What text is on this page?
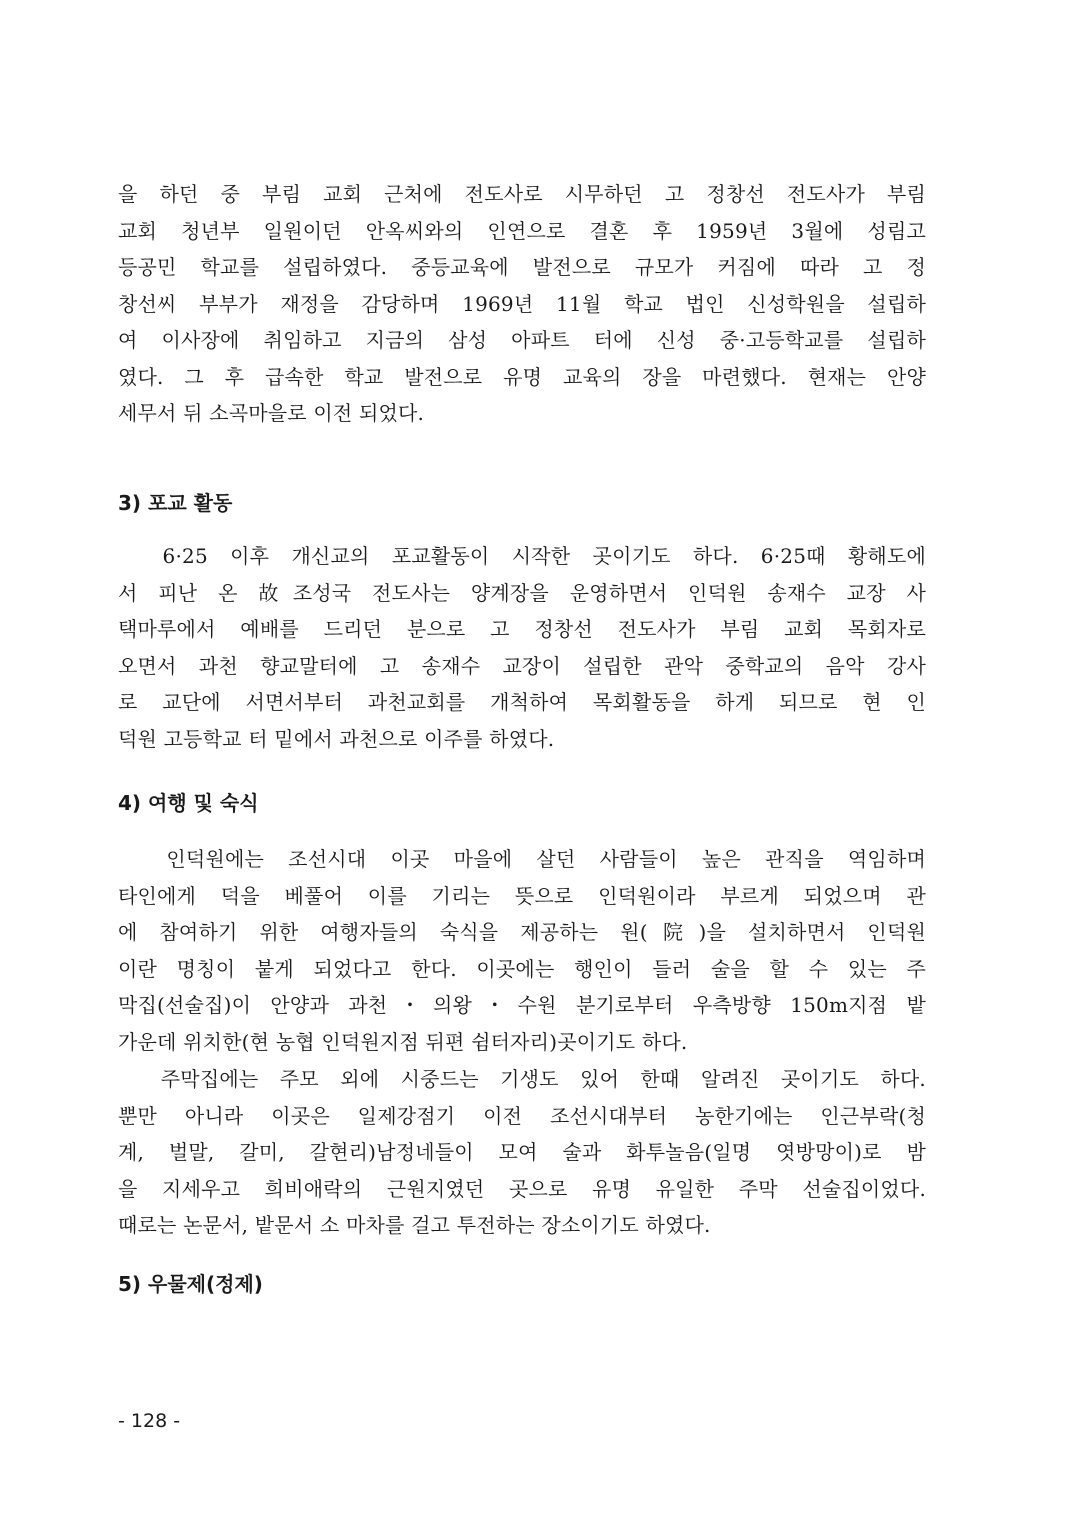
을 하던 중 부림 교회 근처에 전도사로 시무하던 고 정창선 전도사가 부림
교회 청년부 일원이던 안옥씨와의 인연으로 결혼 후 1959년 3월에 성림고
등공민 학교를 설립하였다. 중등교육에 발전으로 규모가 커짐에 따라 고 정
창선씨 부부가 재정을 감당하며 1969년 11월 학교 법인 신성학원을 설립하
여 이사장에 취임하고 지금의 삼성 아파트 터에 신성 중·고등학교를 설립하
였다. 그 후 급속한 학교 발전으로 유명 교육의 장을 마련했다. 현재는 안양
세무서 뒤 소곡마을로 이전 되었다.
3) 포교 활동
6·25 이후 개신교의 포교활동이 시작한 곳이기도 하다. 6·25때 황해도에
서 피난 온 故조성국 전도사는 양계장을 운영하면서 인덕원 송재수 교장 사
택마루에서 예배를 드리던 분으로 고 정창선 전도사가 부림 교회 목회자로
오면서 과천 향교말터에 고 송재수 교장이 설립한 관악 중학교의 음악 강사
로 교단에 서면서부터 과천교회를 개척하여 목회활동을 하게 되므로 현 인
덕원 고등학교 터 밑에서 과천으로 이주를 하였다.
4) 여행 및 숙식
인덕원에는 조선시대 이곳 마을에 살던 사람들이 높은 관직을 역임하며
타인에게 덕을 베풀어 이를 기리는 뜻으로 인덕원이라 부르게 되었으며 관
에 참여하기 위한 여행자들의 숙식을 제공하는 원(院)을 설치하면서 인덕원
이란 명칭이 붙게 되었다고 한다. 이곳에는 행인이 들러 술을 할 수 있는 주
막집(선술집)이 안양과 과천・의왕・수원 분기로부터 우측방향 150m지점 밭
가운데 위치한(현 농협 인덕원지점 뒤편 쉼터자리)곳이기도 하다.
주막집에는 주모 외에 시중드는 기생도 있어 한때 알려진 곳이기도 하다.
뿐만 아니라 이곳은 일제강점기 이전 조선시대부터 농한기에는 인근부락(청
계, 벌말, 갈미, 갈현리)남정네들이 모여 술과 화투놀음(일명 엿방망이)로 밤
을 지세우고 희비애락의 근원지였던 곳으로 유명 유일한 주막 선술집이었다.
때로는 논문서, 밭문서 소 마차를 걸고 투전하는 장소이기도 하였다.
5) 우물제(정제)
- 128 -
